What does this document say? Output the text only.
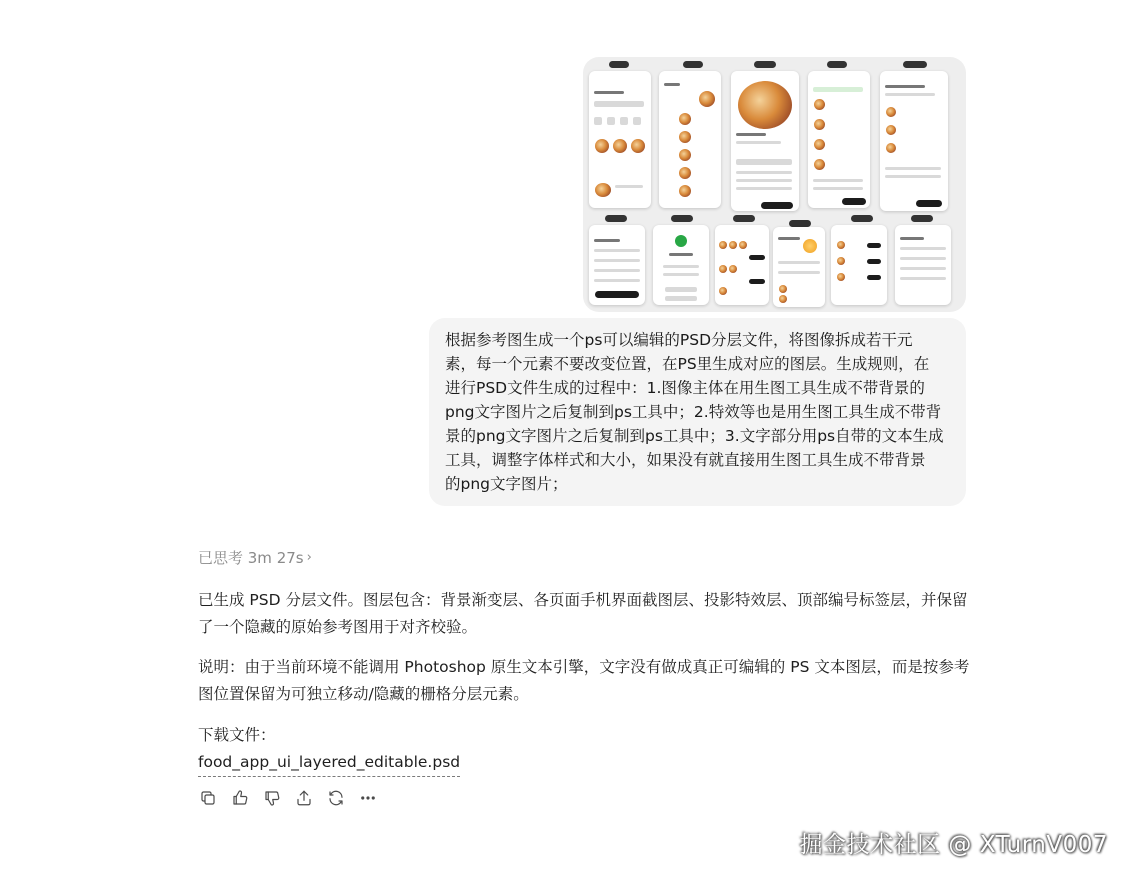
根据参考图生成一个ps可以编辑的PSD分层文件，将图像拆成若干元
素，每一个元素不要改变位置，在PS里生成对应的图层。生成规则，在
进行PSD文件生成的过程中：1.图像主体在用生图工具生成不带背景的
png文字图片之后复制到ps工具中；2.特效等也是用生图工具生成不带背
景的png文字图片之后复制到ps工具中；3.文字部分用ps自带的文本生成
工具，调整字体样式和大小，如果没有就直接用生图工具生成不带背景
的png文字图片；
已思考 3m 27s ›
已生成 PSD 分层文件。图层包含：背景渐变层、各页面手机界面截图层、投影特效层、顶部编号标签层，并保留了一个隐藏的原始参考图用于对齐校验。
说明：由于当前环境不能调用 Photoshop 原生文本引擎，文字没有做成真正可编辑的 PS 文本图层，而是按参考图位置保留为可独立移动/隐藏的栅格分层元素。
下载文件：
food_app_ui_layered_editable.psd
掘金技术社区 @ XTurnV007
